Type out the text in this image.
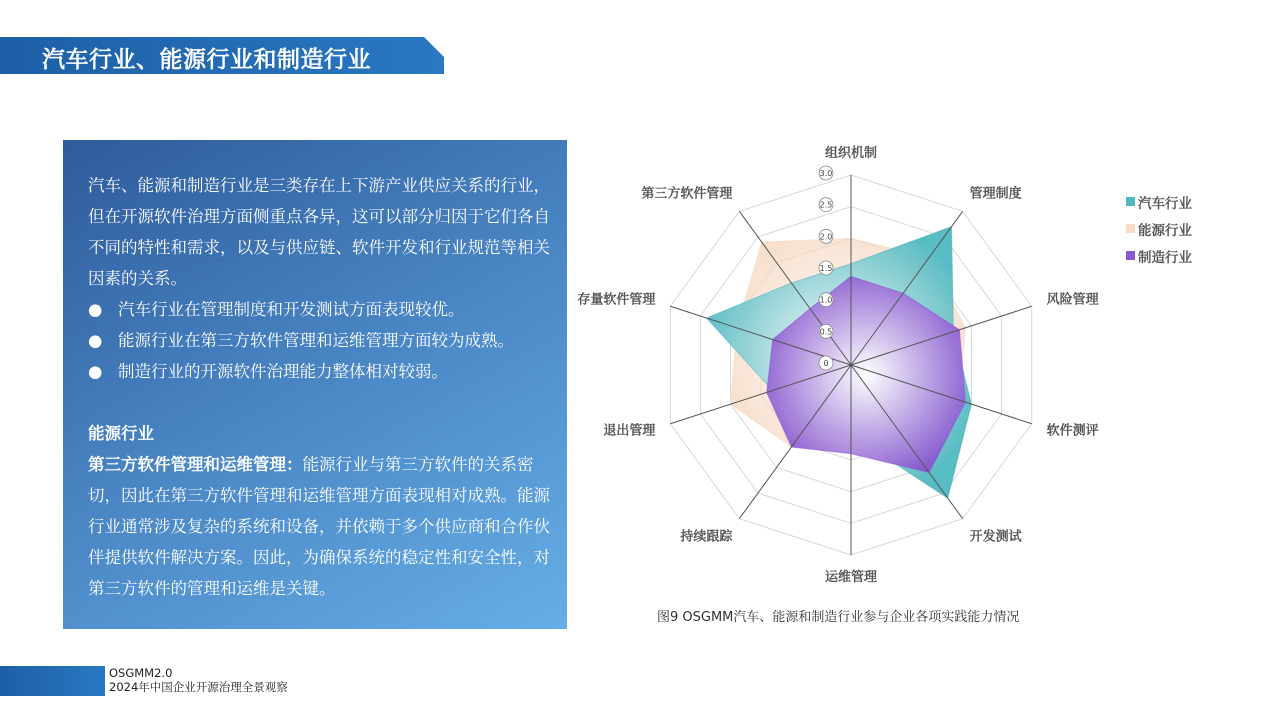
汽车行业、能源行业和制造行业

汽车、能源和制造行业是三类存在上下游产业供应关系的行业，但在开源软件治理方面侧重点各异，这可以部分归因于它们各自不同的特性和需求，以及与供应链、软件开发和行业规范等相关因素的关系。

● 汽车行业在管理制度和开发测试方面表现较优。
● 能源行业在第三方软件管理和运维管理方面较为成熟。
● 制造行业的开源软件治理能力整体相对较弱。

能源行业

第三方软件管理和运维管理：能源行业与第三方软件的关系密切，因此在第三方软件管理和运维管理方面表现相对成熟。能源行业通常涉及复杂的系统和设备，并依赖于多个供应商和合作伙伴提供软件解决方案。因此，为确保系统的稳定性和安全性，对第三方软件的管理和运维是关键。

0
0.5
1.0
1.5
2.0
2.5
3.0
组织机制
管理制度
风险管理
软件测评
开发测试
运维管理
持续跟踪
退出管理
存量软件管理
第三方软件管理
汽车行业
能源行业
制造行业
图9 OSGMM汽车、能源和制造行业参与企业各项实践能力情况
OSGMM2.0
2024年中国企业开源治理全景观察
